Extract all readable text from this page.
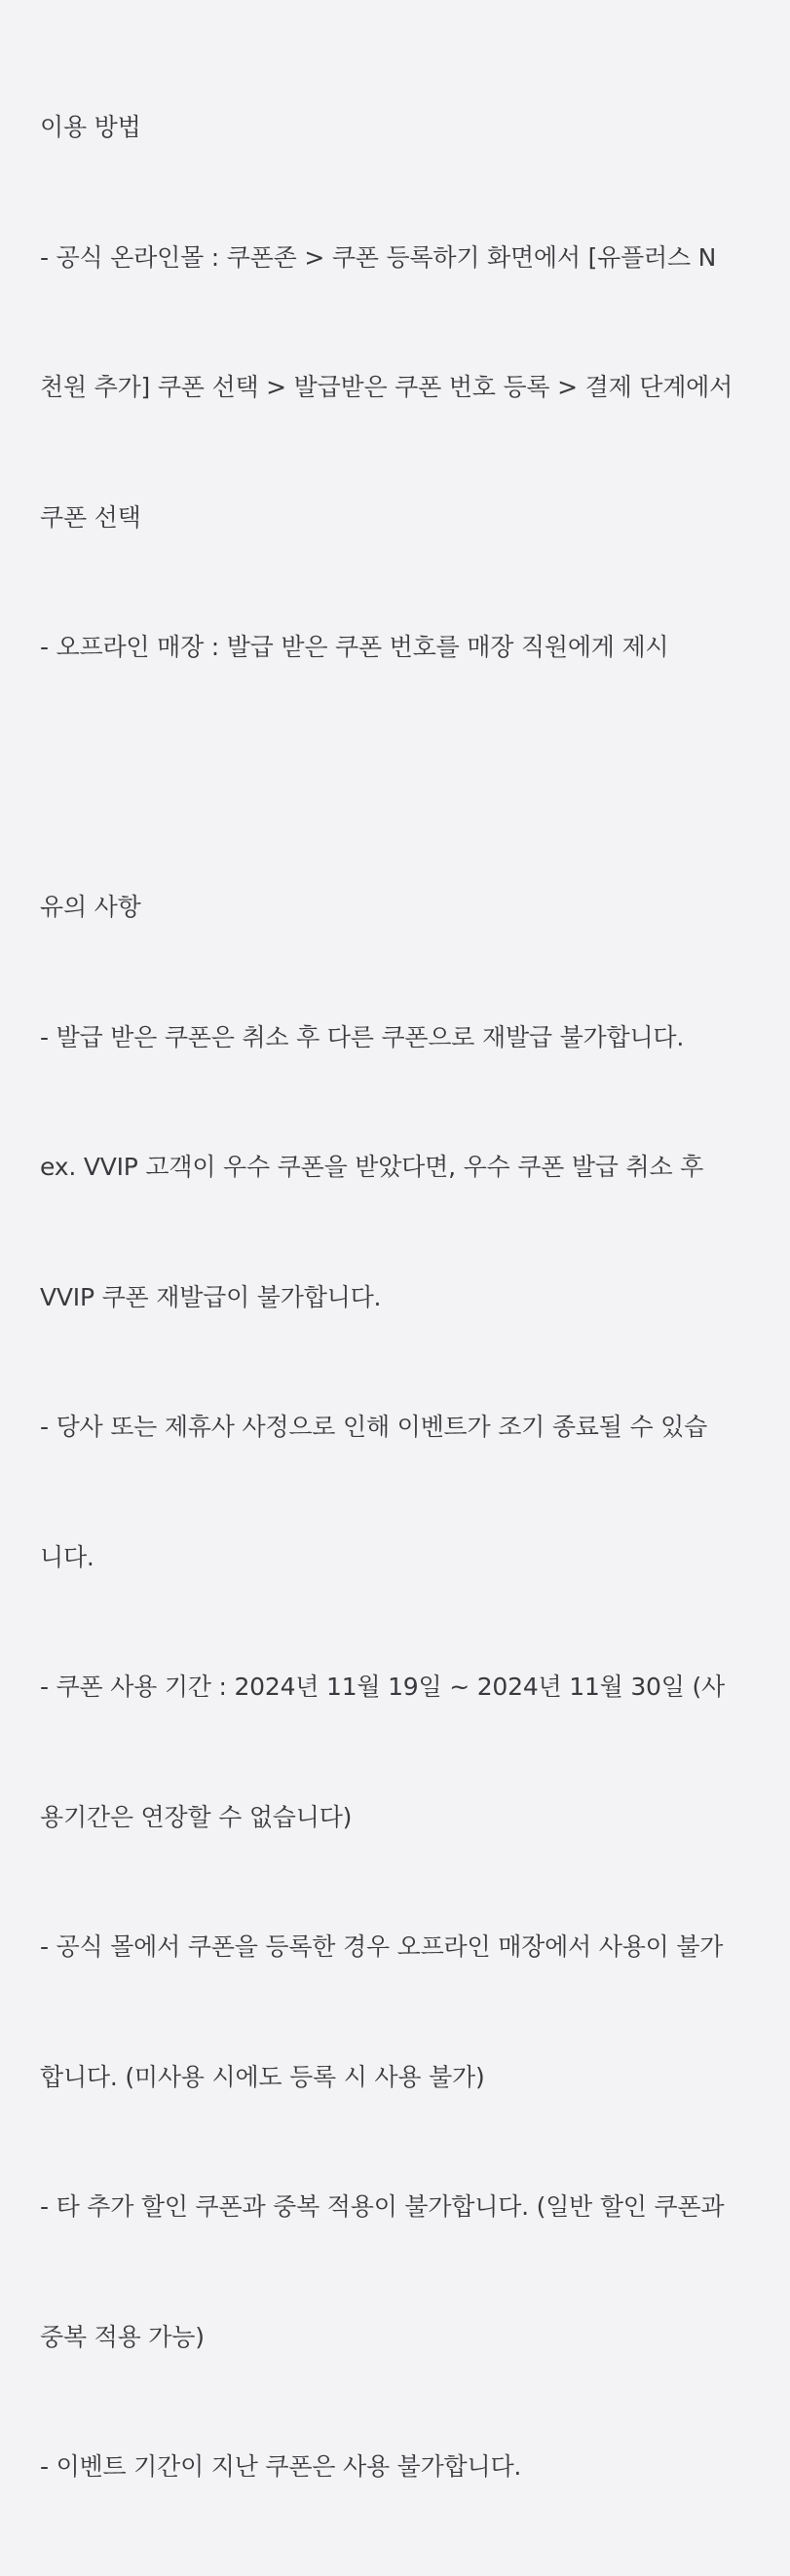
이용 방법

- 공식 온라인몰 : 쿠폰존 > 쿠폰 등록하기 화면에서 [유플러스 N

천원 추가] 쿠폰 선택 > 발급받은 쿠폰 번호 등록 > 결제 단계에서

쿠폰 선택

- 오프라인 매장 : 발급 받은 쿠폰 번호를 매장 직원에게 제시

유의 사항

- 발급 받은 쿠폰은 취소 후 다른 쿠폰으로 재발급 불가합니다.

ex. VVIP 고객이 우수 쿠폰을 받았다면, 우수 쿠폰 발급 취소 후

VVIP 쿠폰 재발급이 불가합니다.

- 당사 또는 제휴사 사정으로 인해 이벤트가 조기 종료될 수 있습

니다.

- 쿠폰 사용 기간 : 2024년 11월 19일 ~ 2024년 11월 30일 (사

용기간은 연장할 수 없습니다)

- 공식 몰에서 쿠폰을 등록한 경우 오프라인 매장에서 사용이 불가

합니다. (미사용 시에도 등록 시 사용 불가)

- 타 추가 할인 쿠폰과 중복 적용이 불가합니다. (일반 할인 쿠폰과

중복 적용 가능)

- 이벤트 기간이 지난 쿠폰은 사용 불가합니다.
